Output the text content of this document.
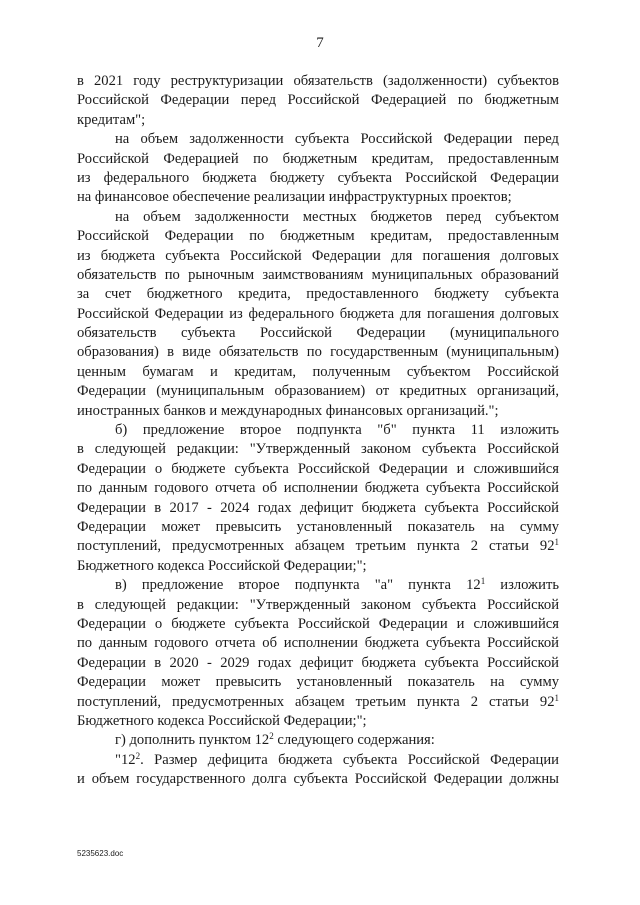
7
в 2021 году реструктуризации обязательств (задолженности) субъектов
Российской Федерации перед Российской Федерацией по бюджетным
кредитам";
на объем задолженности субъекта Российской Федерации перед
Российской Федерацией по бюджетным кредитам, предоставленным
из федерального бюджета бюджету субъекта Российской Федерации
на финансовое обеспечение реализации инфраструктурных проектов;
на объем задолженности местных бюджетов перед субъектом
Российской Федерации по бюджетным кредитам, предоставленным
из бюджета субъекта Российской Федерации для погашения долговых
обязательств по рыночным заимствованиям муниципальных образований
за счет бюджетного кредита, предоставленного бюджету субъекта
Российской Федерации из федерального бюджета для погашения долговых
обязательств субъекта Российской Федерации (муниципального
образования) в виде обязательств по государственным (муниципальным)
ценным бумагам и кредитам, полученным субъектом Российской
Федерации (муниципальным образованием) от кредитных организаций,
иностранных банков и международных финансовых организаций.";
б) предложение второе подпункта "б" пункта 11 изложить
в следующей редакции: "Утвержденный законом субъекта Российской
Федерации о бюджете субъекта Российской Федерации и сложившийся
по данным годового отчета об исполнении бюджета субъекта Российской
Федерации в 2017 - 2024 годах дефицит бюджета субъекта Российской
Федерации может превысить установленный показатель на сумму
поступлений, предусмотренных абзацем третьим пункта 2 статьи $92^1$
Бюджетного кодекса Российской Федерации;";
в) предложение второе подпункта "а" пункта $12^1$ изложить
в следующей редакции: "Утвержденный законом субъекта Российской
Федерации о бюджете субъекта Российской Федерации и сложившийся
по данным годового отчета об исполнении бюджета субъекта Российской
Федерации в 2020 - 2029 годах дефицит бюджета субъекта Российской
Федерации может превысить установленный показатель на сумму
поступлений, предусмотренных абзацем третьим пункта 2 статьи $92^1$
Бюджетного кодекса Российской Федерации;";
г) дополнить пунктом $12^2$ следующего содержания:
"$12^2$. Размер дефицита бюджета субъекта Российской Федерации
и объем государственного долга субъекта Российской Федерации должны
5235623.doc
